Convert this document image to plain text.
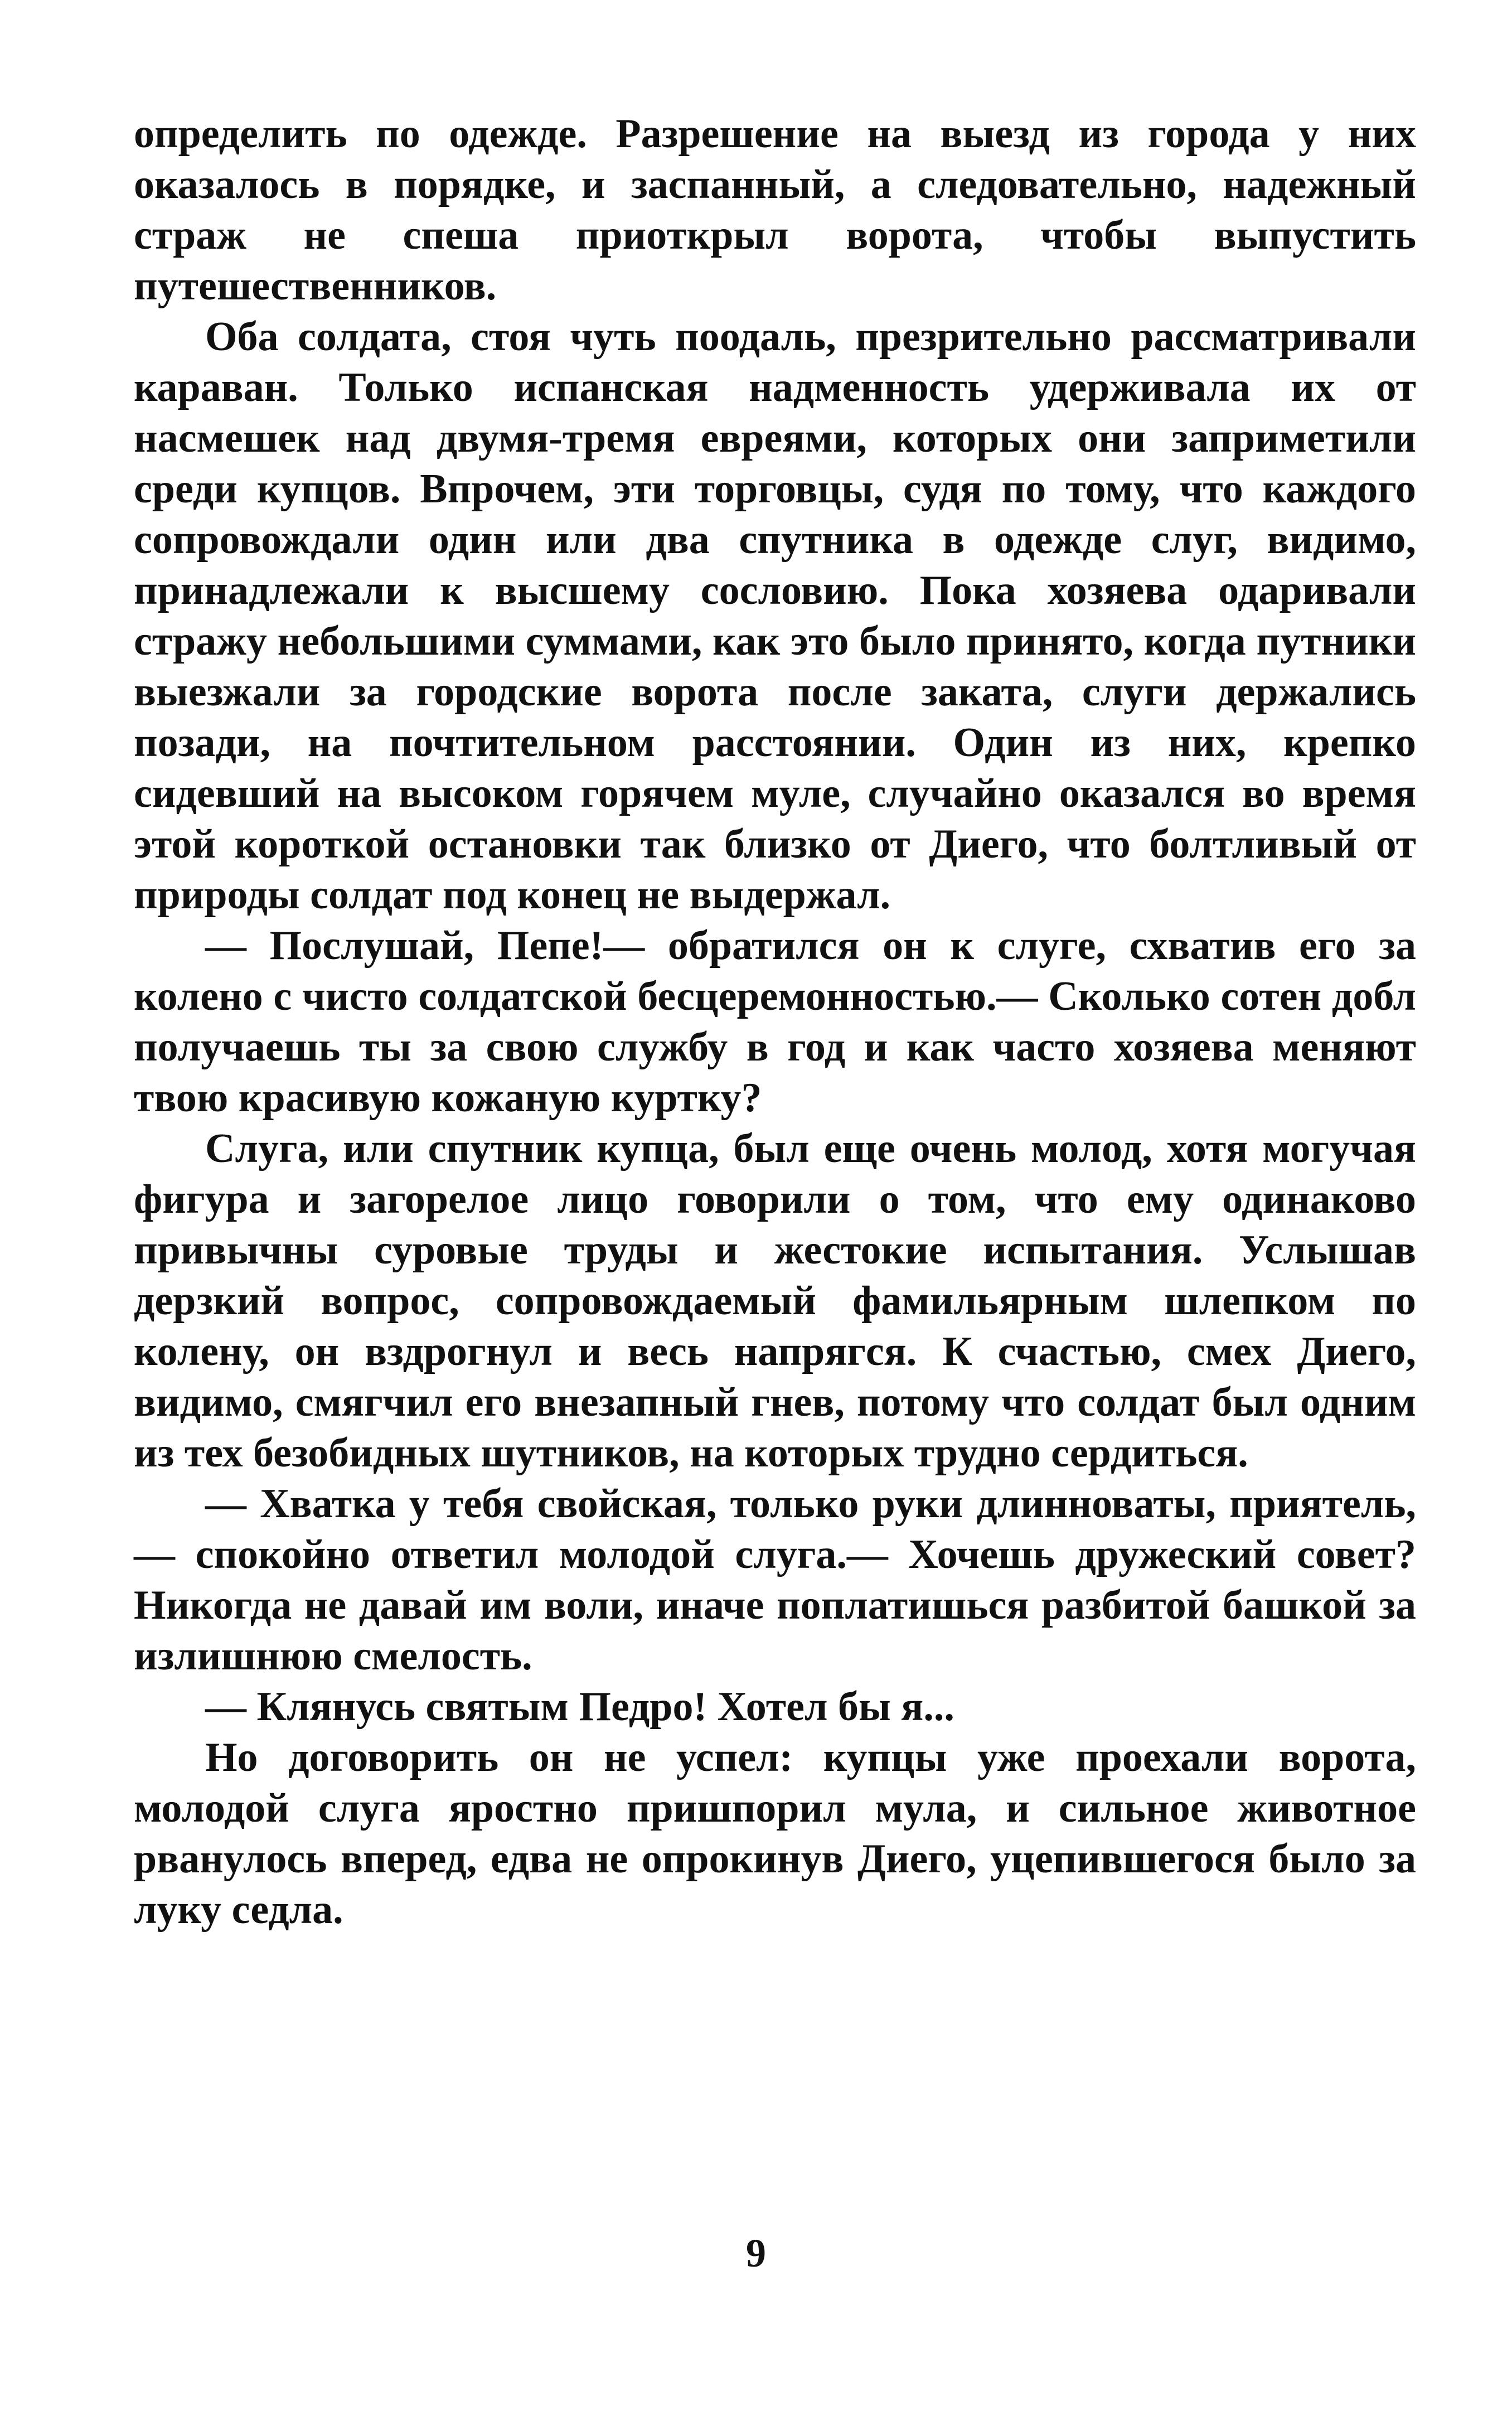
определить по одежде. Разрешение на выезд из города у них оказалось в порядке, и заспанный, а следовательно, надежный страж не спеша приоткрыл ворота, чтобы выпустить путешественников.

Оба солдата, стоя чуть поодаль, презрительно рассматривали караван. Только испанская надменность удерживала их от насмешек над двумя-тремя евреями, которых они заприметили среди купцов. Впрочем, эти торговцы, судя по тому, что каждого сопровождали один или два спутника в одежде слуг, видимо, принадлежали к высшему сословию. Пока хозяева одаривали стражу небольшими суммами, как это было принято, когда путники выезжали за городские ворота после заката, слуги держались позади, на почтительном расстоянии. Один из них, крепко сидевший на высоком горячем муле, случайно оказался во время этой короткой остановки так близко от Диего, что болтливый от природы солдат под конец не выдержал.

— Послушай, Пепе!— обратился он к слуге, схватив его за колено с чисто солдатской бесцеремонностью.— Сколько сотен добл получаешь ты за свою службу в год и как часто хозяева меняют твою красивую кожаную куртку?

Слуга, или спутник купца, был еще очень молод, хотя могучая фигура и загорелое лицо говорили о том, что ему одинаково привычны суровые труды и жестокие испытания. Услышав дерзкий вопрос, сопровождаемый фамильярным шлепком по колену, он вздрогнул и весь напрягся. К счастью, смех Диего, видимо, смягчил его внезапный гнев, потому что солдат был одним из тех безобидных шутников, на которых трудно сердиться.

— Хватка у тебя свойская, только руки длинноваты, приятель,— спокойно ответил молодой слуга.— Хочешь дружеский совет? Никогда не давай им воли, иначе поплатишься разбитой башкой за излишнюю смелость.

— Клянусь святым Педро! Хотел бы я...

Но договорить он не успел: купцы уже проехали ворота, молодой слуга яростно пришпорил мула, и сильное животное рванулось вперед, едва не опрокинув Диего, уцепившегося было за луку седла.

9
